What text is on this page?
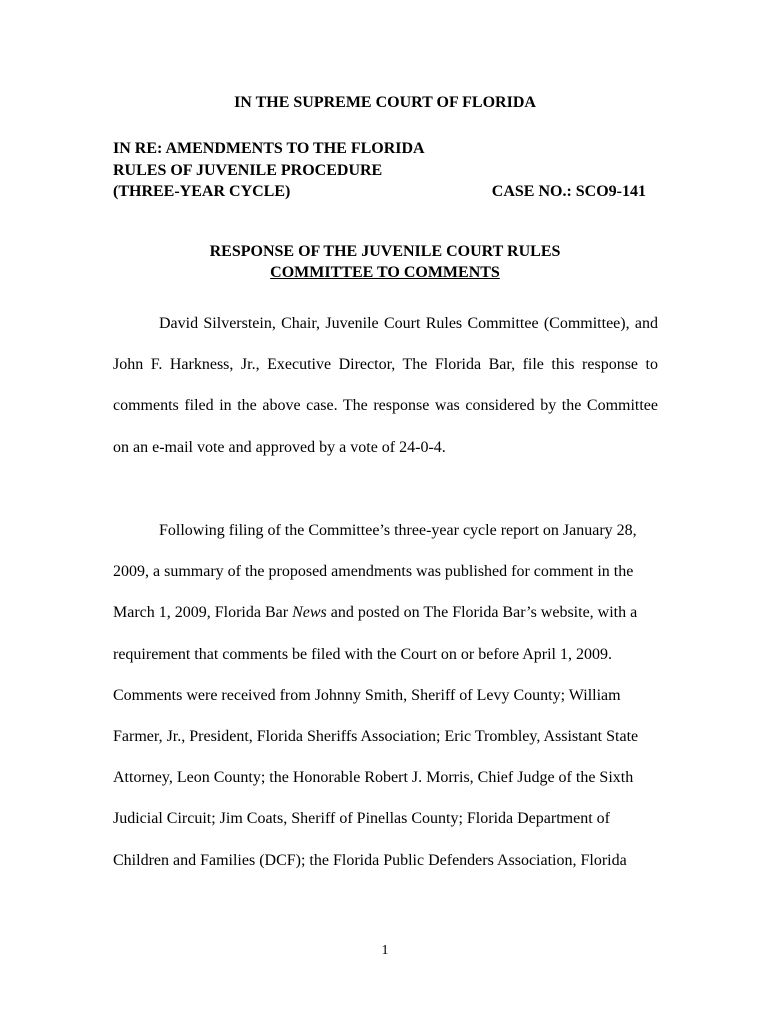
IN THE SUPREME COURT OF FLORIDA
IN RE: AMENDMENTS TO THE FLORIDA
RULES OF JUVENILE PROCEDURE
(THREE-YEAR CYCLE)	CASE NO.: SCO9-141
RESPONSE OF THE JUVENILE COURT RULES
COMMITTEE TO COMMENTS
David Silverstein, Chair, Juvenile Court Rules Committee (Committee), and John F. Harkness, Jr., Executive Director, The Florida Bar, file this response to comments filed in the above case. The response was considered by the Committee on an e-mail vote and approved by a vote of 24-0-4.
Following filing of the Committee’s three-year cycle report on January 28, 2009, a summary of the proposed amendments was published for comment in the March 1, 2009, Florida Bar News and posted on The Florida Bar’s website, with a requirement that comments be filed with the Court on or before April 1, 2009. Comments were received from Johnny Smith, Sheriff of Levy County; William Farmer, Jr., President, Florida Sheriffs Association; Eric Trombley, Assistant State Attorney, Leon County; the Honorable Robert J. Morris, Chief Judge of the Sixth Judicial Circuit; Jim Coats, Sheriff of Pinellas County; Florida Department of Children and Families (DCF); the Florida Public Defenders Association, Florida
1
